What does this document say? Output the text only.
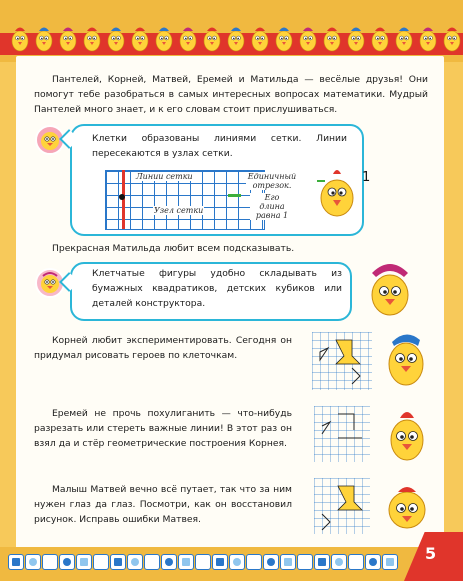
Пантелей, Корней, Матвей, Еремей и Матильда — весёлые друзья! Они помогут тебе разобраться в самых интересных вопросах математики. Мудрый Пантелей много знает, и к его словам стоит прислушиваться.

Клетки образованы линиями сетки. Линии пересекаются в узлах сетки.

Линии сетки
Узел сетки
Единичный отрезок.
Его длина равна 1
1

Прекрасная Матильда любит всем подсказывать.

Клетчатые фигуры удобно складывать из бумажных квадратиков, детских кубиков или деталей конструктора.

Корней любит экспериментировать. Сегодня он придумал рисовать героев по клеточкам.

Еремей не прочь похулиганить — что-нибудь разрезать или стереть важные линии! В этот раз он взял да и стёр геометрические построения Корнея.

Малыш Матвей вечно всё путает, так что за ним нужен глаз да глаз. Посмотри, как он восстановил рисунок. Исправь ошибки Матвея.

5
